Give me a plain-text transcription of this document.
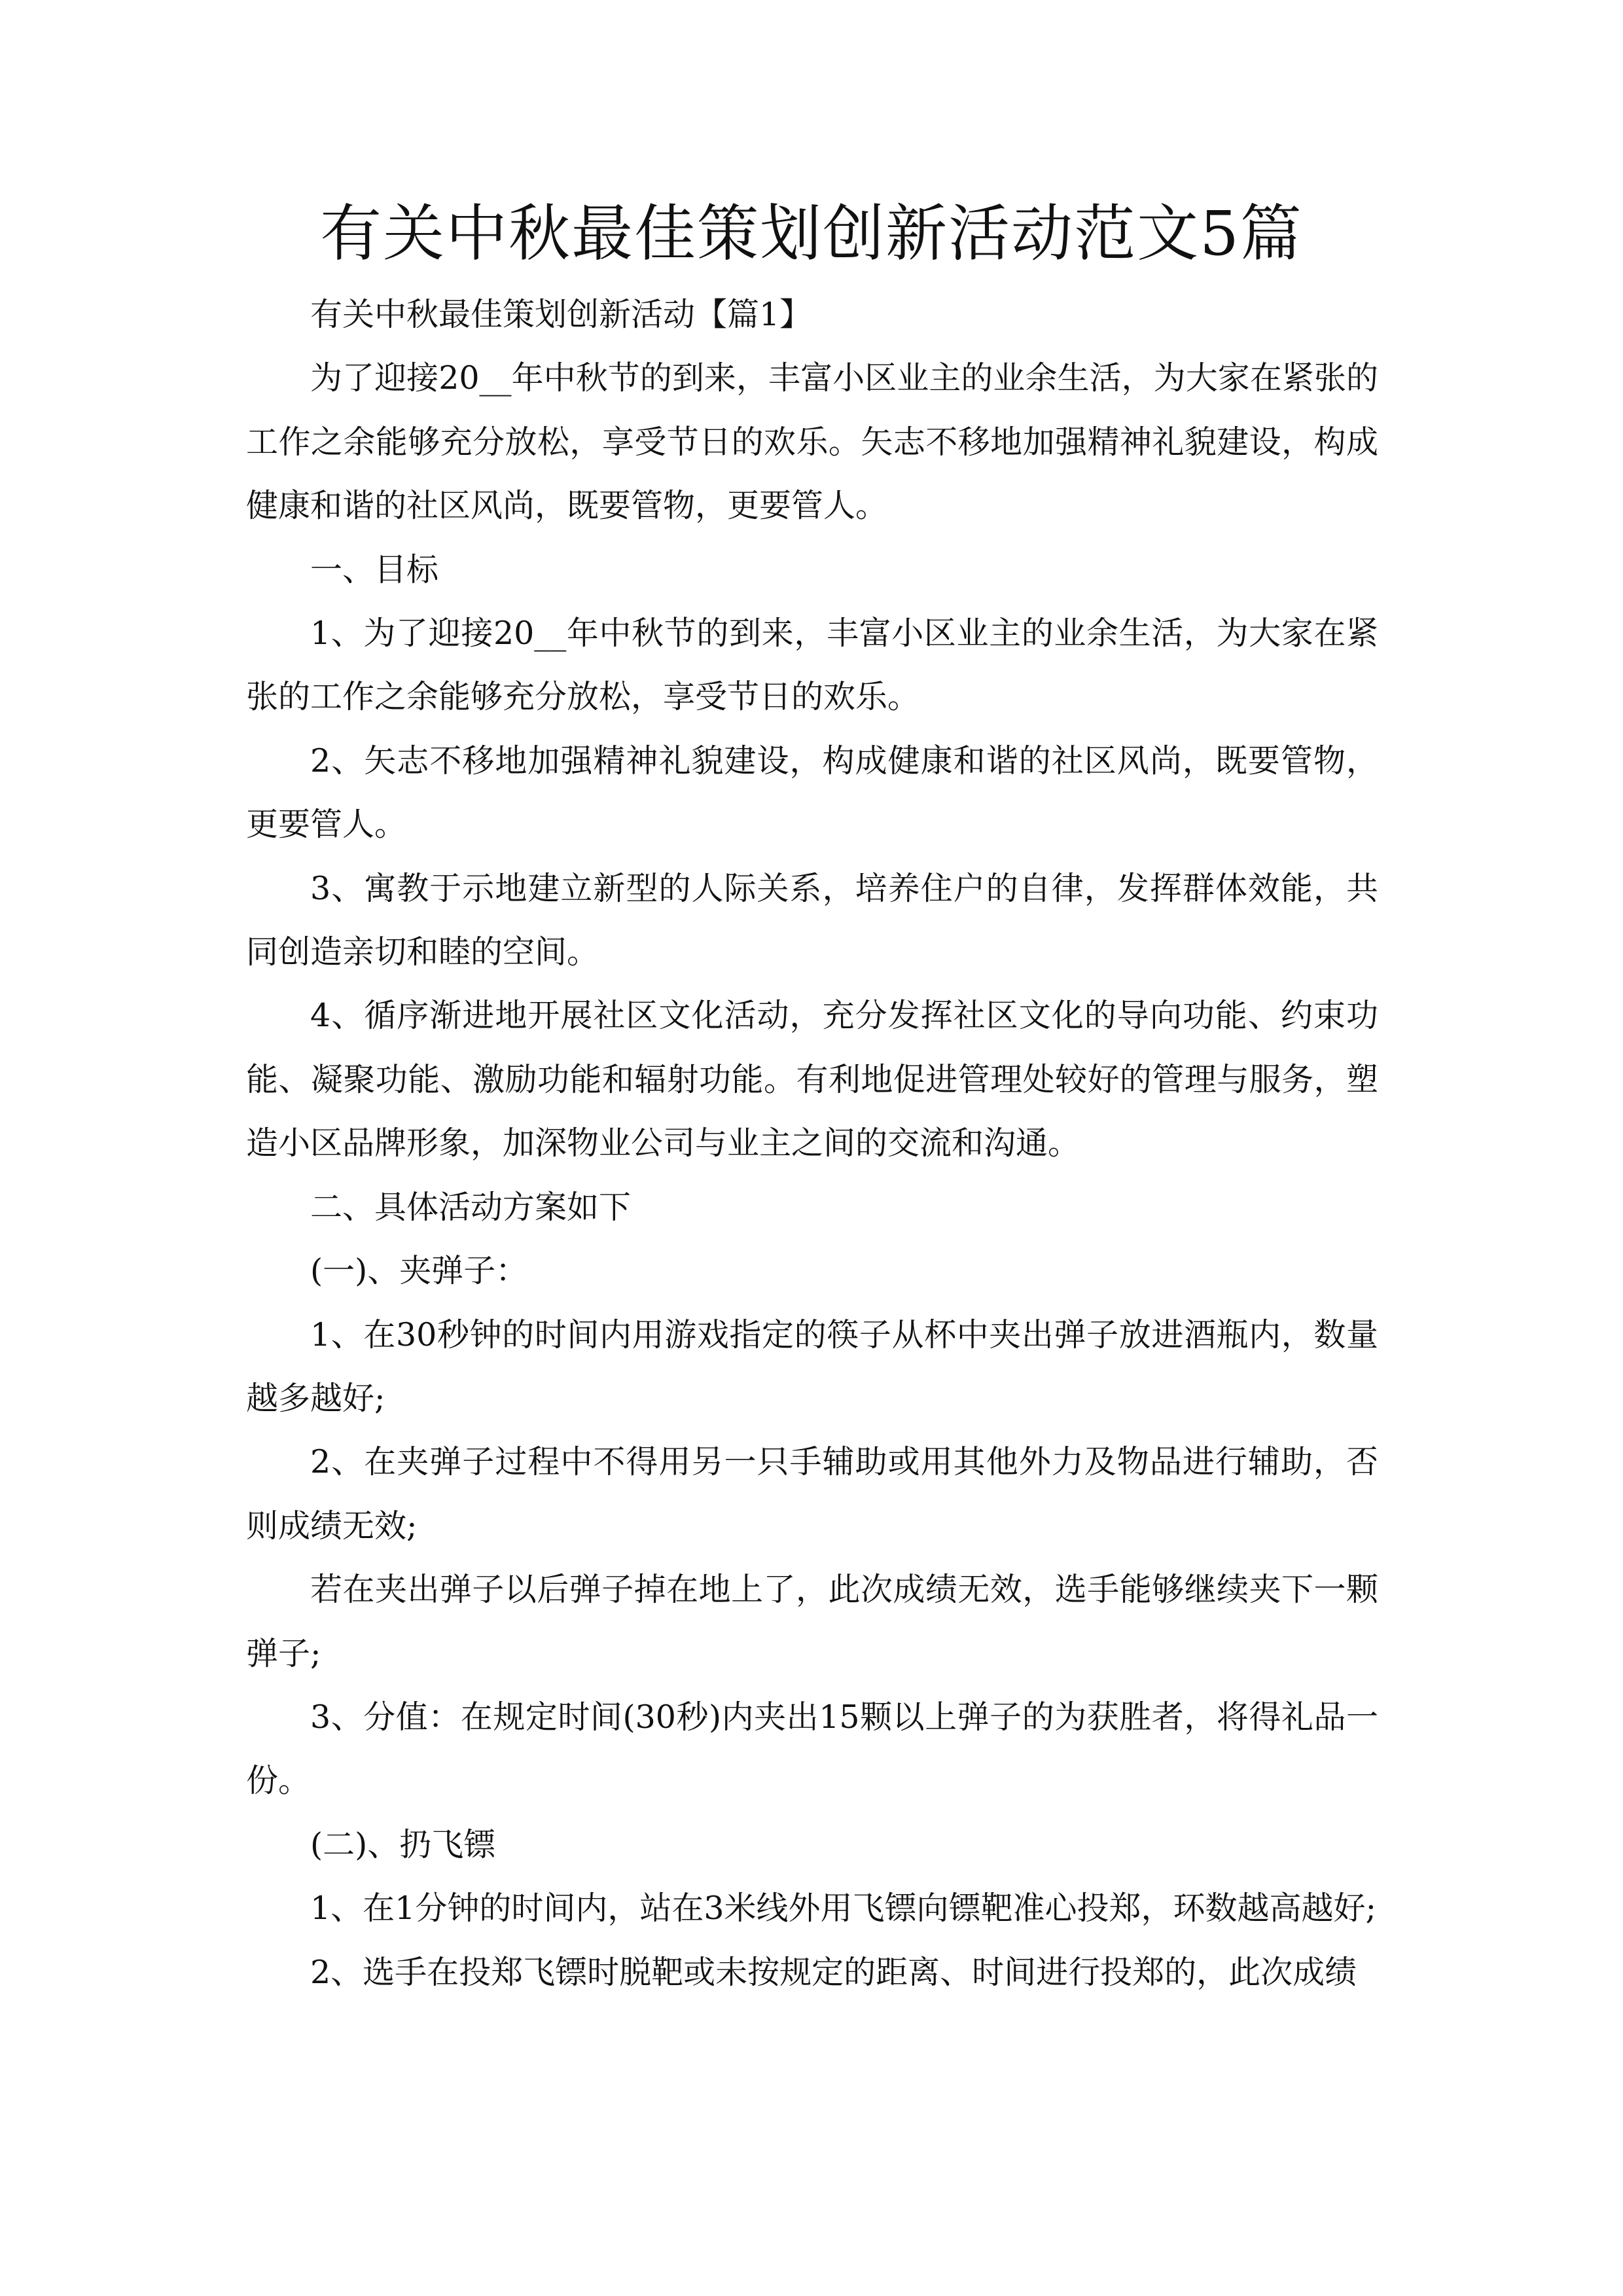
有关中秋最佳策划创新活动范文5篇

有关中秋最佳策划创新活动【篇1】

为了迎接20__年中秋节的到来，丰富小区业主的业余生活，为大家在紧张的工作之余能够充分放松，享受节日的欢乐。矢志不移地加强精神礼貌建设，构成健康和谐的社区风尚，既要管物，更要管人。

一、目标

1、为了迎接20__年中秋节的到来，丰富小区业主的业余生活，为大家在紧张的工作之余能够充分放松，享受节日的欢乐。

2、矢志不移地加强精神礼貌建设，构成健康和谐的社区风尚，既要管物，更要管人。

3、寓教于示地建立新型的人际关系，培养住户的自律，发挥群体效能，共同创造亲切和睦的空间。

4、循序渐进地开展社区文化活动，充分发挥社区文化的导向功能、约束功能、凝聚功能、激励功能和辐射功能。有利地促进管理处较好的管理与服务，塑造小区品牌形象，加深物业公司与业主之间的交流和沟通。

二、具体活动方案如下

(一)、夹弹子：

1、在30秒钟的时间内用游戏指定的筷子从杯中夹出弹子放进酒瓶内，数量越多越好;

2、在夹弹子过程中不得用另一只手辅助或用其他外力及物品进行辅助，否则成绩无效;

若在夹出弹子以后弹子掉在地上了，此次成绩无效，选手能够继续夹下一颗弹子;

3、分值：在规定时间(30秒)内夹出15颗以上弹子的为获胜者，将得礼品一份。

(二)、扔飞镖

1、在1分钟的时间内，站在3米线外用飞镖向镖靶准心投郑，环数越高越好;

2、选手在投郑飞镖时脱靶或未按规定的距离、时间进行投郑的，此次成绩
